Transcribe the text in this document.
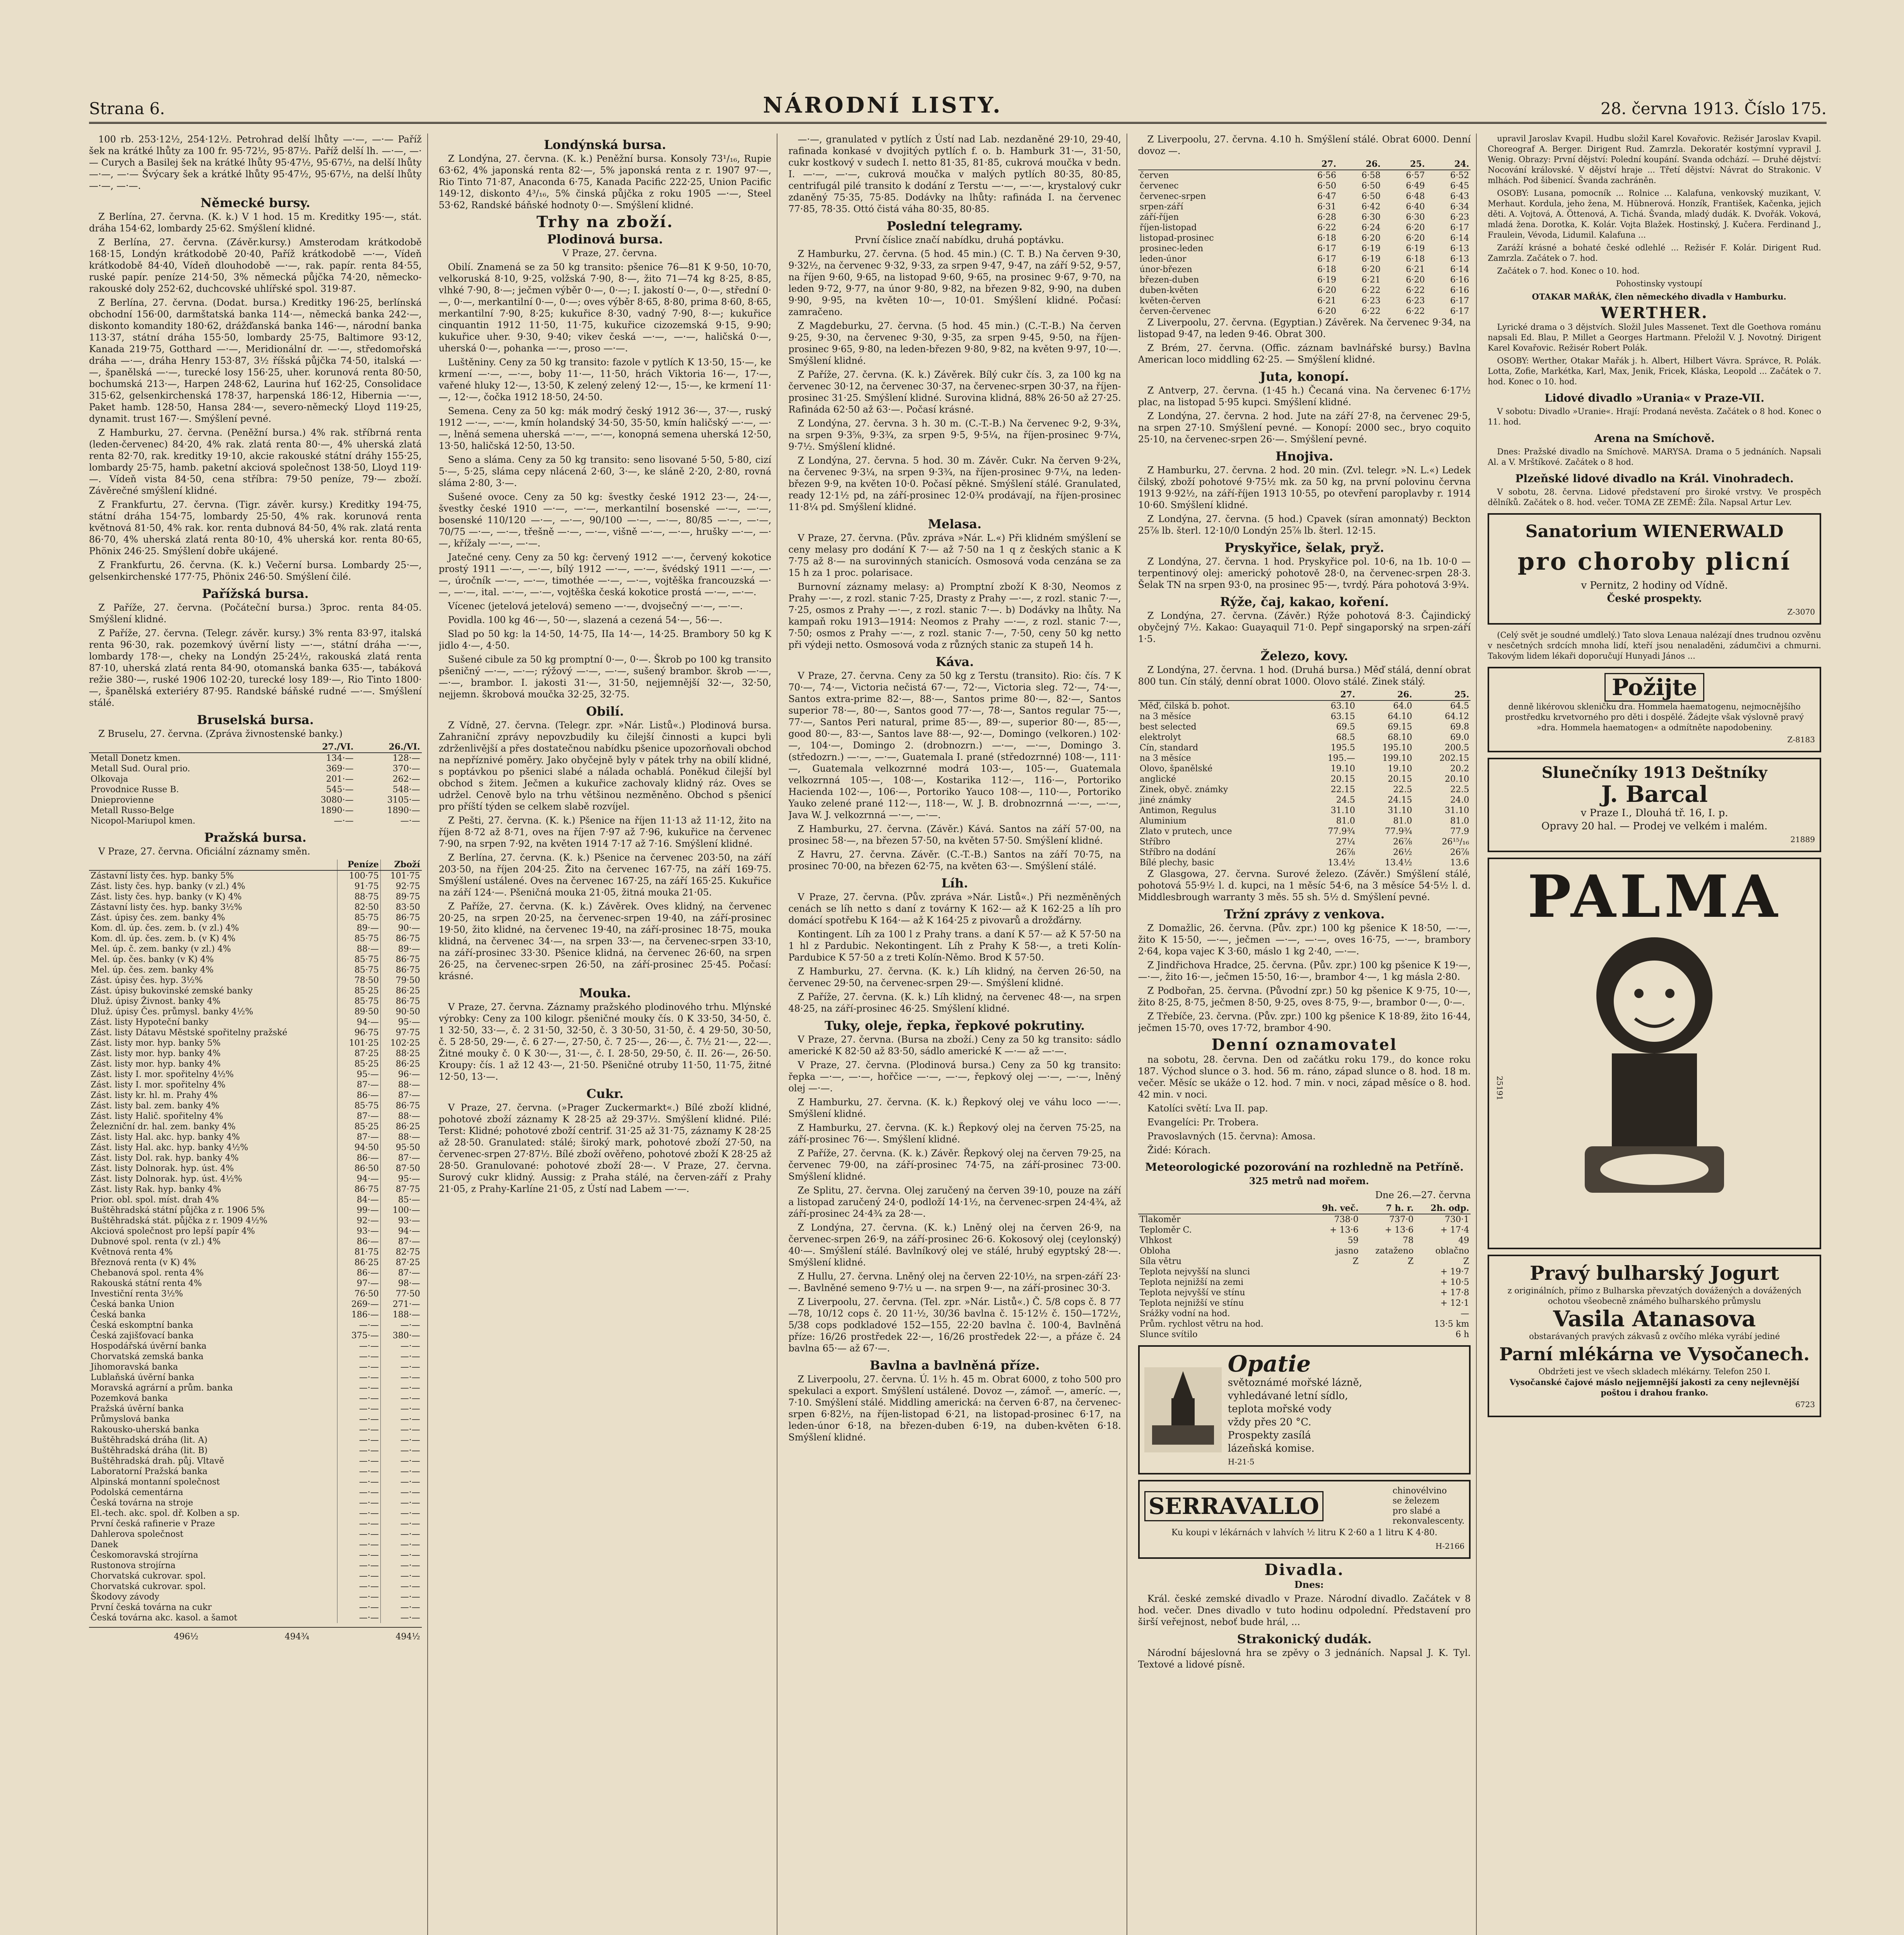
Strana 6.	NÁRODNÍ LISTY.	28. června 1913. Číslo 175.

100 rb. 253·12½, 254·12½. Petrohrad delší lhůty —·—, —·— Paříž šek na krátké lhůty za 100 fr. 95·72½, 95·87½. Paříž delší lh. —·—, —·— Curych a Basilej šek na krátké lhůty 95·47½, 95·67½, na delší lhůty —·—, —·— Švýcary šek a krátké lhůty 95·47½, 95·67½, na delší lhůty —·—, —·—.

Německé bursy.

Z Berlína, 27. června. (K. k.) V 1 hod. 15 m. Kreditky 195·—, stát. dráha 154·62, lombardy 25·62. Smýšlení klidné.

Z Berlína, 27. června. (Závěr.kursy.) Amsterodam krátkodobě 168·15, Londýn krátkodobě 20·40, Paříž krátkodobě —·—, Vídeň krátkodobě 84·40, Vídeň dlouhodobě —·—, rak. papír. renta 84·55, ruské papír. peníze 214·50, 3% německá půjčka 74·20, německo-rakouské doly 252·62, duchcovské uhlířské spol. 319·87.

Z Berlína, 27. června. (Dodat. bursa.) Kreditky 196·25, berlínská obchodní 156·00, darmštatská banka 114·—, německá banka 242·—, diskonto komandity 180·62, drážďanská banka 146·—, národní banka 113·37, státní dráha 155·50, lombardy 25·75, Baltimore 93·12, Kanada 219·75, Gotthard —·—, Meridionální dr. —·—, středomořská dráha —·—, dráha Henry 153·87, 3½ říšská půjčka 74·50, italská —·—, španělská —·—, turecké losy 156·25, uher. korunová renta 80·50, bochumská 213·—, Harpen 248·62, Laurina huť 162·25, Consolidace 315·62, gelsenkirchenská 178·37, harpenská 186·12, Hibernia —·—, Paket hamb. 128·50, Hansa 284·—, severo-německý Lloyd 119·25, dynamit. trust 167·—. Smýšlení pevné.

Z Hamburku, 27. června. (Peněžní bursa.) 4% rak. stříbrná renta (leden-červenec) 84·20, 4% rak. zlatá renta 80·—, 4% uherská zlatá renta 82·70, rak. kreditky 19·10, akcie rakouské státní dráhy 155·25, lombardy 25·75, hamb. paketní akciová společnost 138·50, Lloyd 119·—. Vídeň vista 84·50, cena stříbra: 79·50 peníze, 79·— zboží. Závěrečné smýšlení klidné.

Z Frankfurtu, 27. června. (Tigr. závěr. kursy.) Kreditky 194·75, státní dráha 154·75, lombardy 25·50, 4% rak. korunová renta květnová 81·50, 4% rak. kor. renta dubnová 84·50, 4% rak. zlatá renta 86·70, 4% uherská zlatá renta 80·10, 4% uherská kor. renta 80·65, Phönix 246·25. Smýšlení dobře ukájené.

Z Frankfurtu, 26. června. (K. k.) Večerní bursa. Lombardy 25·—, gelsenkirchenské 177·75, Phönix 246·50. Smýšlení čilé.

Pařížská bursa.

Z Paříže, 27. června. (Počáteční bursa.) 3proc. renta 84·05. Smýšlení klidné.

Z Paříže, 27. června. (Telegr. závěr. kursy.) 3% renta 83·97, italská renta 96·30, rak. pozemkový úvěrní listy —·—, státní dráha —·—, lombardy 178·—, cheky na Londýn 25·24½, rakouská zlatá renta 87·10, uherská zlatá renta 84·90, otomanská banka 635·—, tabáková režie 380·—, ruské 1906 102·20, turecké losy 189·—, Rio Tinto 1800·—, španělská exteriéry 87·95. Randské báňské rudné —·—. Smýšlení stálé.

Bruselská bursa.

Z Bruselu, 27. června. (Zpráva živnostenské banky.)

	27./VI.	26./VI.
Metall Donetz kmen.	134·—	128·—
Metall Sud. Oural prio.	369·—	370·—
Olkovaja	201·—	262·—
Provodnice Russe B.	545·—	548·—
Dnieprovienne	3080·—	3105·—
Metall Russo-Belge	1890·—	1890·—
Nicopol-Mariupol kmen.	—·—	—·—
Pražská bursa.

V Praze, 27. června. Oficiální záznamy směn.

	Peníze	Zboží
Zástavní listy čes. hyp. banky 5%	100·75	101·75
Zást. listy čes. hyp. banky (v zl.) 4%	91·75	92·75
Zást. listy čes. hyp. banky (v K) 4%	88·75	89·75
Zástavní listy čes. hyp. banky 3½%	82·50	83·50
Zást. úpisy čes. zem. banky 4%	85·75	86·75
Kom. dl. úp. čes. zem. b. (v zl.) 4%	89·—	90·—
Kom. dl. úp. čes. zem. b. (v K) 4%	85·75	86·75
Mel. úp. č. zem. banky (v zl.) 4%	88·—	89·—
Mel. úp. čes. banky (v K) 4%	85·75	86·75
Mel. úp. čes. zem. banky 4%	85·75	86·75
Zást. úpisy čes. hyp. 3½%	78·50	79·50
Zást. úpisy bukovinské zemské banky	85·25	86·25
Dluž. úpisy Živnost. banky 4%	85·75	86·75
Dluž. úpisy Čes. průmysl. banky 4½%	89·50	90·50
Zást. listy Hypoteční banky	94·—	95·—
Zást. listy Dátavu Městské spořitelny pražské	96·75	97·75
Zást. listy mor. hyp. banky 5%	101·25	102·25
Zást. listy mor. hyp. banky 4%	87·25	88·25
Zást. listy mor. hyp. banky 4%	85·25	86·25
Zást. listy I. mor. spořitelny 4½%	95·—	96·—
Zást. listy I. mor. spořitelny 4%	87·—	88·—
Zást. listy kr. hl. m. Prahy 4%	86·—	87·—
Zást. listy bal. zem. banky 4%	85·75	86·75
Zást. listy Halič. spořitelny 4%	87·—	88·—
Železniční dr. hal. zem. banky 4%	85·25	86·25
Zást. listy Hal. akc. hyp. banky 4%	87·—	88·—
Zást. listy Hal. akc. hyp. banky 4½%	94·50	95·50
Zást. listy Dol. rak. hyp. banky 4%	86·—	87·—
Zást. listy Dolnorak. hyp. úst. 4%	86·50	87·50
Zást. listy Dolnorak. hyp. úst. 4½%	94·—	95·—
Zást. listy Rak. hyp. banky 4%	86·75	87·75
Prior. obl. spol. míst. drah 4%	84·—	85·—
Buštěhradská státní půjčka z r. 1906 5%	99·—	100·—
Buštěhradská stát. půjčka z r. 1909 4½%	92·—	93·—
Akciová společnost pro lepší papír 4%	93·—	94·—
Dubnové spol. renta (v zl.) 4%	86·—	87·—
Květnová renta 4%	81·75	82·75
Březnová renta (v K) 4%	86·25	87·25
Chebanová spol. renta 4%	86·—	87·—
Rakouská státní renta 4%	97·—	98·—
Investiční renta 3½%	76·50	77·50
Česká banka Union	269·—	271·—
Česká banka	186·—	188·—
Česká eskomptní banka	—·—	—·—
Česká zajišťovací banka	375·—	380·—
Hospodářská úvěrní banka	—·—	—·—
Chorvatská zemská banka	—·—	—·—
Jihomoravská banka	—·—	—·—
Lublaňská úvěrní banka	—·—	—·—
Moravská agrární a prům. banka	—·—	—·—
Pozemková banka	—·—	—·—
Pražská úvěrní banka	—·—	—·—
Průmyslová banka	—·—	—·—
Rakousko-uherská banka	—·—	—·—
Buštěhradská dráha (lit. A)	—·—	—·—
Buštěhradská dráha (lit. B)	—·—	—·—
Buštěhradská drah. půj. Vltavě	—·—	—·—
Laboratorní Pražská banka	—·—	—·—
Alpinská montanní společnost	—·—	—·—
Podolská cementárna	—·—	—·—
Česká továrna na stroje	—·—	—·—
El.-tech. akc. spol. dř. Kolben a sp.	—·—	—·—
První česká rafinerie v Praze	—·—	—·—
Dahlerova společnost	—·—	—·—
Danek	—·—	—·—
Českomoravská strojírna	—·—	—·—
Rustonova strojírna	—·—	—·—
Chorvatská cukrovar. spol.	—·—	—·—
Chorvatská cukrovar. spol.	—·—	—·—
Škodovy závody	—·—	—·—
První česká továrna na cukr	—·—	—·—
Česká továrna akc. kasol. a šamot	—·—	—·—
496½	494¾	494½
Londýnská bursa.

Z Londýna, 27. června. (K. k.) Peněžní bursa. Konsoly 73¹/₁₆, Rupie 63·62, 4% japonská renta 82·—, 5% japonská renta z r. 1907 97·—, Rio Tinto 71·87, Anaconda 6·75, Kanada Pacific 222·25, Union Pacific 149·12, diskonto 4³/₁₆, 5% činská půjčka z roku 1905 —·—, Steel 53·62, Randské báňské hodnoty 0·—. Smýšlení klidné.

Trhy na zboží.
Plodinová bursa.

V Praze, 27. června.

Obilí. Znamená se za 50 kg transito: pšenice 76—81 K 9·50, 10·70, velkoruská 8·10, 9·25, volžská 7·90, 8·—, žito 71—74 kg 8·25, 8·85, vlhké 7·90, 8·—; ječmen výběr 0·—, 0·—; I. jakostí 0·—, 0·—, střední 0·—, 0·—, merkantilní 0·—, 0·—; oves výběr 8·65, 8·80, prima 8·60, 8·65, merkantilní 7·90, 8·25; kukuřice 8·30, vadný 7·90, 8·—; kukuřice cinquantin 1912 11·50, 11·75, kukuřice cizozemská 9·15, 9·90; kukuřice uher. 9·30, 9·40; vikev česká —·—, —·—, haličská 0·—, uherská 0·—, pohanka —·—, proso —·—.

Luštěniny. Ceny za 50 kg transito: fazole v pytlích K 13·50, 15·—, ke krmení —·—, —·—, boby 11·—, 11·50, hrách Viktoria 16·—, 17·—, vařené hluky 12·—, 13·50, K zelený zelený 12·—, 15·—, ke krmení 11·—, 12·—, čočka 1912 18·50, 24·50.

Semena. Ceny za 50 kg: mák modrý český 1912 36·—, 37·—, ruský 1912 —·—, —·—, kmín holandský 34·50, 35·50, kmín haličský —·—, —·—, lněná semena uherská —·—, —·—, konopná semena uherská 12·50, 13·50, haličská 12·50, 13·50.

Seno a sláma. Ceny za 50 kg transito: seno lisované 5·50, 5·80, cizí 5·—, 5·25, sláma cepy nlácená 2·60, 3·—, ke sláně 2·20, 2·80, rovná sláma 2·80, 3·—.

Sušené ovoce. Ceny za 50 kg: švestky české 1912 23·—, 24·—, švestky české 1910 —·—, —·—, merkantilní bosenské —·—, —·—, bosenské 110/120 —·—, —·—, 90/100 —·—, —·—, 80/85 —·—, —·—, 70/75 —·—, —·—, třešně —·—, —·—, višně —·—, —·—, hrušky —·—, —·—, křížaly —·—, —·—.

Jatečné ceny. Ceny za 50 kg: červený 1912 —·—, červený kokotice prostý 1911 —·—, —·—, bílý 1912 —·—, —·—, švédský 1911 —·—, —·—, úročník —·—, —·—, timothée —·—, —·—, vojtěška francouzská —·—, —·—, ital. —·—, —·—, vojtěška česká kokotice prostá —·—, —·—.

Vícenec (jetelová jetelová) semeno —·—, dvojsečný —·—, —·—.

Povidla. 100 kg 46·—, 50·—, slazená a cezená 54·—, 56·—.

Slad po 50 kg: la 14·50, 14·75, IIa 14·—, 14·25. Brambory 50 kg K jidlo 4·—, 4·50.

Sušené cibule za 50 kg promptní 0·—, 0·—. Škrob po 100 kg transito pšeničný —·—, —·—; rýžový —·—, —·—, sušený brambor. škrob —·—, —·—, brambor. I. jakosti 31·—, 31·50, nejjemnější 32·—, 32·50, nejjemn. škrobová moučka 32·25, 32·75.

Obilí.

Z Vídně, 27. června. (Telegr. zpr. »Nár. Listů«.) Plodinová bursa. Zahraniční zprávy nepovzbudily ku čilejší činnosti a kupci byli zdrženlivější a přes dostatečnou nabídku pšenice upozorňovali obchod na nepříznivé poměry. Jako obyčejně byly v pátek trhy na obilí klidné, s poptávkou po pšenici slabé a nálada ochablá. Poněkud čilejší byl obchod s žitem. Ječmen a kukuřice zachovaly klidný ráz. Oves se udržel. Cenově bylo na trhu většinou nezměněno. Obchod s pšenicí pro příští týden se celkem slabě rozvíjel.

Z Pešti, 27. června. (K. k.) Pšenice na říjen 11·13 až 11·12, žito na říjen 8·72 až 8·71, oves na říjen 7·97 až 7·96, kukuřice na červenec 7·90, na srpen 7·92, na květen 1914 7·17 až 7·16. Smýšlení klidné.

Z Berlína, 27. června. (K. k.) Pšenice na červenec 203·50, na září 203·50, na říjen 204·25. Žito na červenec 167·75, na září 169·75. Smýšlení ustálené. Oves na červenec 167·25, na září 165·25. Kukuřice na září 124·—. Pšeničná mouka 21·05, žitná mouka 21·05.

Z Paříže, 27. června. (K. k.) Závěrek. Oves klidný, na červenec 20·25, na srpen 20·25, na červenec-srpen 19·40, na září-prosinec 19·50, žito klidné, na červenec 19·40, na září-prosinec 18·75, mouka klidná, na červenec 34·—, na srpen 33·—, na červenec-srpen 33·10, na září-prosinec 33·30. Pšenice klidná, na červenec 26·60, na srpen 26·25, na červenec-srpen 26·50, na září-prosinec 25·45. Počasí: krásné.

Mouka.

V Praze, 27. června. Záznamy pražského plodinového trhu. Mlýnské výrobky: Ceny za 100 kilogr. pšeničné mouky čís. 0 K 33·50, 34·50, č. 1 32·50, 33·—, č. 2 31·50, 32·50, č. 3 30·50, 31·50, č. 4 29·50, 30·50, č. 5 28·50, 29·—, č. 6 27·—, 27·50, č. 7 25·—, 26·—, č. 7½ 21·—, 22·—. Žitné mouky č. 0 K 30·—, 31·—, č. I. 28·50, 29·50, č. II. 26·—, 26·50. Kroupy: čís. 1 až 12 43·—, 21·50. Pšeničné otruby 11·50, 11·75, žitné 12·50, 13·—.

Cukr.

V Praze, 27. června. (»Prager Zuckermarkt«.) Bílé zboží klidné, pohotové zboží záznamy K 28·25 až 29·37½. Smýšlení klidné. Pilé: Terst: Klidné; pohotové zboží centrif. 31·25 až 31·75, záznamy K 28·25 až 28·50. Granulated: stálé; široký mark, pohotové zboží 27·50, na červenec-srpen 27·87½. Bílé zboží ověřeno, pohotové zboží K 28·25 až 28·50. Granulované: pohotové zboží 28·—. V Praze, 27. června. Surový cukr klidný. Aussig: z Praha stálé, na červen-září z Prahy 21·05, z Prahy-Karlíne 21·05, z Ústí nad Labem —·—.

—·—, granulated v pytlích z Ústí nad Lab. nezdaněné 29·10, 29·40, rafinada konkasé v dvojitých pytlích f. o. b. Hamburk 31·—, 31·50, cukr kostkový v sudech I. netto 81·35, 81·85, cukrová moučka v bedn. I. —·—, —·—, cukrová moučka v malých pytlích 80·35, 80·85, centrifugál pilé transito k dodání z Terstu —·—, —·—, krystalový cukr zdaněný 75·35, 75·85. Dodávky na lhůty: rafináda I. na červenec 77·85, 78·35. Ottó čistá váha 80·35, 80·85.

Poslední telegramy.

První číslice značí nabídku, druhá poptávku.

Z Hamburku, 27. června. (5 hod. 45 min.) (C. T. B.) Na červen 9·30, 9·32½, na červenec 9·32, 9·33, za srpen 9·47, 9·47, na září 9·52, 9·57, na říjen 9·60, 9·65, na listopad 9·60, 9·65, na prosinec 9·67, 9·70, na leden 9·72, 9·77, na únor 9·80, 9·82, na březen 9·82, 9·90, na duben 9·90, 9·95, na květen 10·—, 10·01. Smýšlení klidné. Počasí: zamračeno.

Z Magdeburku, 27. června. (5 hod. 45 min.) (C.-T.-B.) Na červen 9·25, 9·30, na červenec 9·30, 9·35, za srpen 9·45, 9·50, na říjen-prosinec 9·65, 9·80, na leden-březen 9·80, 9·82, na květen 9·97, 10·—. Smýšlení klidné.

Z Paříže, 27. června. (K. k.) Závěrek. Bílý cukr čís. 3, za 100 kg na červenec 30·12, na červenec 30·37, na červenec-srpen 30·37, na říjen-prosinec 31·25. Smýšlení klidné. Surovina klidná, 88% 26·50 až 27·25. Rafináda 62·50 až 63·—. Počasí krásné.

Z Londýna, 27. června. 3 h. 30 m. (C.-T.-B.) Na červenec 9·2, 9·3¾, na srpen 9·3⅝, 9·3¾, za srpen 9·5, 9·5¼, na říjen-prosinec 9·7¼, 9·7½. Smýšlení klidné.

Z Londýna, 27. června. 5 hod. 30 m. Závěr. Cukr. Na červen 9·2¾, na červenec 9·3¼, na srpen 9·3¾, na říjen-prosinec 9·7¼, na leden-březen 9·9, na květen 10·0. Počasí pěkné. Smýšlení stálé. Granulated, ready 12·1½ pd, na září-prosinec 12·0¾ prodávají, na říjen-prosinec 11·8¼ pd. Smýšlení klidné.

Melasa.

V Praze, 27. června. (Pův. zpráva »Nár. L.«) Při klidném smýšlení se ceny melasy pro dodání K 7·— až 7·50 na 1 q z českých stanic a K 7·75 až 8·— na surovinných stanicích. Osmosová voda cenzána se za 15 h za 1 proc. polarisace.

Burnovní záznamy melasy: a) Promptní zboží K 8·30, Neomos z Prahy —·—, z rozl. stanic 7·25, Drasty z Prahy —·—, z rozl. stanic 7·—, 7·25, osmos z Prahy —·—, z rozl. stanic 7·—. b) Dodávky na lhůty. Na kampaň roku 1913—1914: Neomos z Prahy —·—, z rozl. stanic 7·—, 7·50; osmos z Prahy —·—, z rozl. stanic 7·—, 7·50, ceny 50 kg netto při výdeji netto. Osmosová voda z různých stanic za stupeň 14 h.

Káva.

V Praze, 27. června. Ceny za 50 kg z Terstu (transito). Rio: čís. 7 K 70·—, 74·—, Victoria nečistá 67·—, 72·—, Victoria sleg. 72·—, 74·—, Santos extra-prime 82·—, 88·—, Santos prime 80·—, 82·—, Santos superior 78·—, 80·—, Santos good 77·—, 78·—, Santos regular 75·—, 77·—, Santos Peri natural, prime 85·—, 89·—, superior 80·—, 85·—, good 80·—, 83·—, Santos lave 88·—, 92·—, Domingo (velkoren.) 102·—, 104·—, Domingo 2. (drobnozrn.) —·—, —·—, Domingo 3. (středozrn.) —·—, —·—, Guatemala I. prané (středozrnné) 108·—, 111·—, Guatemala velkozrnné modrá 103·—, 105·—, Guatemala velkozrnná 105·—, 108·—, Kostarika 112·—, 116·—, Portoriko Hacienda 102·—, 106·—, Portoriko Yauco 108·—, 110·—, Portoriko Yauko zelené prané 112·—, 118·—, W. J. B. drobnozrnná —·—, —·—, Java W. J. velkozrnná —·—, —·—.

Z Hamburku, 27. června. (Závěr.) Kává. Santos na září 57·00, na prosinec 58·—, na březen 57·50, na květen 57·50. Smýšlení klidné.

Z Havru, 27. června. Závěr. (C.-T.-B.) Santos na září 70·75, na prosinec 70·00, na březen 62·75, na květen 63·—. Smýšlení stálé.

Líh.

V Praze, 27. června. (Pův. zpráva »Nár. Listů«.) Při nezměněných cenách se líh netto s daní z továrny K 162·— až K 162·25 a líh pro domácí spotřebu K 164·— až K 164·25 z pivovarů a drožďárny.

Kontingent. Líh za 100 l z Prahy trans. a daní K 57·— až K 57·50 na 1 hl z Pardubic. Nekontingent. Líh z Prahy K 58·—, a treti Kolín-Pardubice K 57·50 a z treti Kolín-Němo. Brod K 57·50.

Z Hamburku, 27. června. (K. k.) Líh klidný, na červen 26·50, na červenec 29·50, na červenec-srpen 29·—. Smýšlení klidné.

Z Paříže, 27. června. (K. k.) Líh klidný, na červenec 48·—, na srpen 48·25, na září-prosinec 46·25. Smýšlení klidné.

Tuky, oleje, řepka, řepkové pokrutiny.

V Praze, 27. června. (Bursa na zboží.) Ceny za 50 kg transito: sádlo americké K 82·50 až 83·50, sádlo americké K —·— až —·—.

V Praze, 27. června. (Plodinová bursa.) Ceny za 50 kg transito: řepka —·—, —·—, hořčice —·—, —·—, řepkový olej —·—, —·—, lněný olej —·—.

Z Hamburku, 27. června. (K. k.) Řepkový olej ve váhu loco —·—. Smýšlení klidné.

Z Hamburku, 27. června. (K. k.) Řepkový olej na červen 75·25, na září-prosinec 76·—. Smýšlení klidné.

Z Paříže, 27. června. (K. k.) Závěr. Řepkový olej na červen 79·25, na červenec 79·00, na září-prosinec 74·75, na září-prosinec 73·00. Smýšlení klidné.

Ze Splitu, 27. června. Olej zaručený na červen 39·10, pouze na září a listopad zaručený 24·0, podloží 14·1½, na červenec-srpen 24·4¾, až září-prosinec 24·4¾ za 28·—.

Z Londýna, 27. června. (K. k.) Lněný olej na červen 26·9, na červenec-srpen 26·9, na září-prosinec 26·6. Kokosový olej (ceylonský) 40·—. Smýšlení stálé. Bavlníkový olej ve stálé, hrubý egyptský 28·—. Smýšlení klidné.

Z Hullu, 27. června. Lněný olej na červen 22·10½, na srpen-září 23·—. Bavlněné semeno 9·7½ u —. na srpen 9·—, na září-prosinec 30·3.

Z Liverpoolu, 27. června. (Tel. zpr. »Nár. Listů«.) Č. 5/8 cops č. 8 77—78, 10/12 cops č. 20 11·½, 30/36 bavlna č. 15·12½ č. 150—172½, 5/38 cops podkladové 152—155, 22·20 bavlna č. 100·4, Bavlněná příze: 16/26 prostředek 22·—, 16/26 prostředek 22·—, a přáze č. 24 bavlna 65·— až 67·—.

Bavlna a bavlněná příze.

Z Liverpoolu, 27. června. Ú. 1½ h. 45 m. Obrat 6000, z toho 500 pro spekulaci a export. Smýšlení ustálené. Dovoz —, zámoř. —, ameríc. —, 7·10. Smýšlení stálé. Middling americká: na červen 6·87, na červenec-srpen 6·82½, na říjen-listopad 6·21, na listopad-prosinec 6·17, na leden-únor 6·18, na březen-duben 6·19, na duben-květen 6·18. Smýšlení klidné.

Z Liverpoolu, 27. června. 4.10 h. Smýšlení stálé. Obrat 6000. Denní dovoz —.

	27.	26.	25.	24.
červen	6·56	6·58	6·57	6·52
červenec	6·50	6·50	6·49	6·45
červenec-srpen	6·47	6·50	6·48	6·43
srpen-září	6·31	6·42	6·40	6·34
září-říjen	6·28	6·30	6·30	6·23
říjen-listopad	6·22	6·24	6·20	6·17
listopad-prosinec	6·18	6·20	6·20	6·14
prosinec-leden	6·17	6·19	6·19	6·13
leden-únor	6·17	6·19	6·18	6·13
únor-březen	6·18	6·20	6·21	6·14
březen-duben	6·19	6·21	6·20	6·16
duben-květen	6·20	6·22	6·22	6·16
květen-červen	6·21	6·23	6·23	6·17
červen-červenec	6·20	6·22	6·22	6·17

Z Liverpoolu, 27. června. (Egyptian.) Závěrek. Na červenec 9·34, na listopad 9·47, na leden 9·46. Obrat 300.

Z Brém, 27. června. (Offic. záznam bavlnářské bursy.) Bavlna American loco middling 62·25. — Smýšlení klidné.

Juta, konopí.

Z Antverp, 27. června. (1·45 h.) Čecaná vina. Na červenec 6·17½ plac, na listopad 5·95 kupci. Smýšlení klidné.

Z Londýna, 27. června. 2 hod. Jute na září 27·8, na červenec 29·5, na srpen 27·10. Smýšlení pevné. — Konopí: 2000 sec., bryo coquito 25·10, na červenec-srpen 26·—. Smýšlení pevné.

Hnojiva.

Z Hamburku, 27. června. 2 hod. 20 min. (Zvl. telegr. »N. L.«) Ledek čilský, zboží pohotové 9·75½ mk. za 50 kg, na první polovinu června 1913 9·92½, na září-říjen 1913 10·55, po otevření paroplavby r. 1914 10·60. Smýšlení klidné.

Z Londýna, 27. června. (5 hod.) Cpavek (síran amonnatý) Beckton 25⅞ lb. šterl. 12·10/0 Londýn 25⅞ lb. šterl. 12·15.

Pryskyřice, šelak, pryž.

Z Londýna, 27. června. 1 hod. Pryskyřice pol. 10·6, na 1b. 10·0 — terpentinový olej: americký pohotově 28·0, na červenec-srpen 28·3. Šelak TN na srpen 93·0, na prosinec 95·—, tvrdý. Pára pohotová 3·9¾.

Rýže, čaj, kakao, koření.

Z Londýna, 27. června. (Závěr.) Rýže pohotová 8·3. Čajindický obyčejný 7½. Kakao: Guayaquil 71·0. Pepř singaporský na srpen-září 1·5.

Železo, kovy.

Z Londýna, 27. června. 1 hod. (Druhá bursa.) Měď stálá, denní obrat 800 tun. Cín stálý, denní obrat 1000. Olovo stálé. Zinek stálý.

	27.	26.	25.
Měď, čilská b. pohot.	63.10	64.0	64.5
na 3 měsíce	63.15	64.10	64.12
best selected	69.5	69.15	69.8
elektrolyt	68.5	68.10	69.0
Cín, standard	195.5	195.10	200.5
na 3 měsíce	195.—	199.10	202.15
Olovo, španělské	19.10	19.10	20.2
anglické	20.15	20.15	20.10
Zinek, obyč. známky	22.15	22.5	22.5
jiné známky	24.5	24.15	24.0
Antimon, Regulus	31.10	31.10	31.10
Aluminium	81.0	81.0	81.0
Zlato v prutech, unce	77.9¾	77.9¾	77.9
Stříbro	27¼	26⅞	26¹⁵/₁₆
Stříbro na dodání	26⅞	26½	26⅞
Bílé plechy, basic	13.4½	13.4½	13.6

Z Glasgowa, 27. června. Surové železo. (Závěr.) Smýšlení stálé, pohotová 55·9½ l. d. kupci, na 1 měsíc 54·6, na 3 měsíce 54·5½ l. d. Middlesbrough warranty 3 měs. 55 sh. 5½ d. Smýšlení pevné.

Tržní zprávy z venkova.

Z Domažlic, 26. června. (Pův. zpr.) 100 kg pšenice K 18·50, —·—, žito K 15·50, —·—, ječmen —·—, —·—, oves 16·75, —·—, brambory 2·64, kopa vajec K 3·60, máslo 1 kg 2·40, —·—.

Z Jindřichova Hradce, 25. června. (Pův. zpr.) 100 kg pšenice K 19·—, —·—, žito 16·—, ječmen 15·50, 16·—, brambor 4·—, 1 kg másla 2·80.

Z Podbořan, 25. června. (Původní zpr.) 50 kg pšenice K 9·75, 10·—, žito 8·25, 8·75, ječmen 8·50, 9·25, oves 8·75, 9·—, brambor 0·—, 0·—.

Z Třebíče, 23. června. (Pův. zpr.) 100 kg pšenice K 18·89, žito 16·44, ječmen 15·70, oves 17·72, brambor 4·90.

Denní oznamovatel

na sobotu, 28. června. Den od začátku roku 179., do konce roku 187. Východ slunce o 3. hod. 56 m. ráno, západ slunce o 8. hod. 18 m. večer. Měsíc se ukáže o 12. hod. 7 min. v noci, západ měsíce o 8. hod. 42 min. v noci.

Katolíci světí: Lva II. pap.

Evangelíci: Pr. Trobera.

Pravoslavných (15. června): Amosa.

Židé: Kórach.

Meteorologické pozorování na rozhledně na Petříně.

325 metrů nad mořem.

Dne 26.—27. června

	9h. več.	7 h. r.	2h. odp.
Tlakoměr	738·0	737·0	730·1
Teploměr C.	+ 13·6	+ 13·6	+ 17·4
Vlhkost	59	78	49
Obloha	jasno	zataženo	oblačno
Síla větru	Z	Z	Z
Teplota nejvyšší na slunci			+ 19·7
Teplota nejnižší na zemi			+ 10·5
Teplota nejvyšší ve stínu			+ 17·8
Teplota nejnižší ve stínu			+ 12·1
Srážky vodní na hod.			—
Prům. rychlost větru na hod.			13·5 km
Slunce svítilo			6 h
Opatie
světoznámé mořské lázně,
vyhledávané letní sídlo,
teplota mořské vody
vždy přes 20 °C.
Prospekty zasílá
lázeňská komise.
H-21·5
SERRAVALLO
chinovélvino
se železem
pro slabé a
rekonvalescenty.
Ku koupi v lékárnách v lahvích ½ litru K 2·60 a 1 litru K 4·80.
H-2166
Divadla.

Dnes:

Král. české zemské divadlo v Praze. Národní divadlo. Začátek v 8 hod. večer. Dnes divadlo v tuto hodinu odpolední. Představení pro širší veřejnost, neboť bude hrál, ...

Strakonický dudák.

Národní bájeslovná hra se zpěvy o 3 jednáních. Napsal J. K. Tyl. Textové a lidové písně.

upravil Jaroslav Kvapil. Hudbu složil Karel Kovařovic. Režisér Jaroslav Kvapil. Choreograf A. Berger. Dirigent Rud. Zamrzla. Dekoratér kostýmní vypravil J. Wenig. Obrazy: První dějství: Polední koupání. Svanda odchází. — Druhé dějství: Nocování královské. V dějství hraje ... Třetí dějství: Návrat do Strakonic. V mlhách. Pod šibenicí. Švanda zachráněn.

OSOBY: Lusana, pomocník ... Rolnice ... Kalafuna, venkovský muzikant, V. Merhaut. Kordula, jeho žena, M. Hübnerová. Honzík, František, Kačenka, jejich děti. A. Vojtová, A. Öttenová, A. Tichá. Švanda, mladý dudák. K. Dvořák. Voková, mladá žena. Dorotka, K. Kolár. Vojta Blažek. Hostinský, J. Kučera. Ferdinand J., Fraulein, Vévoda, Lidumil. Kalafuna ...

Zaráží krásné a bohaté české odlehlé ... Režisér F. Kolár. Dirigent Rud. Zamrzla. Začátek o 7. hod.

Začátek o 7. hod. Konec o 10. hod.

Pohostinsky vystoupí

OTAKAR MAŘÁK, člen německého divadla v Hamburku.

WERTHER.

Lyrické drama o 3 dějstvích. Složil Jules Massenet. Text dle Goethova románu napsali Ed. Blau, P. Millet a Georges Hartmann. Přeložil V. J. Novotný. Dirigent Karel Kovařovic. Režisér Robert Polák.

OSOBY: Werther, Otakar Mařák j. h. Albert, Hilbert Vávra. Správce, R. Polák. Lotta, Zofie, Markétka, Karl, Max, Jenik, Fricek, Kláska, Leopold ... Začátek o 7. hod. Konec o 10. hod.

Lidové divadlo »Urania« v Praze-VII.

V sobotu: Divadlo »Uranie«. Hrají: Prodaná nevěsta. Začátek o 8 hod. Konec o 11. hod.

Arena na Smíchově.

Dnes: Pražské divadlo na Smíchově. MARYSA. Drama o 5 jednáních. Napsali Al. a V. Mrštíkové. Začátek o 8 hod.

Plzeňské lidové divadlo na Král. Vinohradech.

V sobotu, 28. června. Lidové představení pro široké vrstvy. Ve prospěch dělníků. Začátek o 8. hod. večer. TOMA ZE ZEMĚ: Žíla. Napsal Artur Lev.

Sanatorium WIENERWALD
pro choroby plicní
v Pernitz, 2 hodiny od Vídně.
České prospekty.
Z-3070

(Celý svět je soudné umdlelý.) Tato slova Lenaua nalézají dnes trudnou ozvěnu v nesčetných srdcích mnoha lidí, kteří jsou nenaladěni, zádumčivi a chmurni. Takovým lidem lékaři doporučují Hunyadi János ...

Požijte
denně likérovou skleničku dra. Hommela haematogenu, nejmocnějšího prostředku krvetvorného pro děti i dospělé. Žádejte však výslovně pravý »dra. Hommela haematogen« a odmítněte napodobeniny.
Z-8183
Slunečníky 1913 Deštníky
J. Barcal
v Praze I., Dlouhá tř. 16, I. p.
Opravy 20 hal. — Prodej ve velkém i malém.
21889
PALMA
25191
Pravý bulharský Jogurt
z originálních, přímo z Bulharska převzatých dovážených a dovážených ochotou všeobecně známého bulharského průmyslu
Vasila Atanasova
obstarávaných pravých zákvasů z ovčího mléka vyrábí jediné
Parní mlékárna ve Vysočanech.
Obdržeti jest ve všech skladech mlékárny. Telefon 250 I.
Vysočanské čajové máslo nejjemnější jakosti za ceny nejlevnější poštou i drahou franko.
6723
